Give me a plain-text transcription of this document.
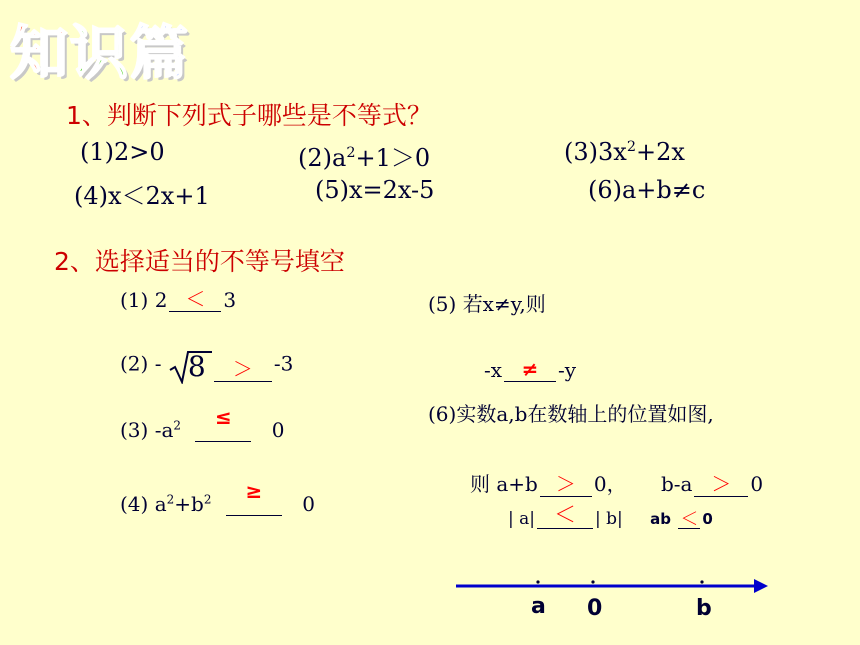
知识篇
1、判断下列式子哪些是不等式？
(1)2>0	$(2)a^2+1>0$	$(3)3x^2+2x$
(4)x＜2x+1	(5)x=2x-5	(6)a+b≠c
2、选择适当的不等号填空
(1) 2 ＜ 3
(2) - 8 ＞ -3
(3) $-a^2 \le 0$
(4) $a^2+b^2 \ge 0$
(5) 若x≠y,则
-x ≠ -y
(6)实数a,b在数轴上的位置如图,
则 a+b ＞ 0， b-a ＞ 0
| a| ＜ | b| ab ＜ 0
a 0	b
